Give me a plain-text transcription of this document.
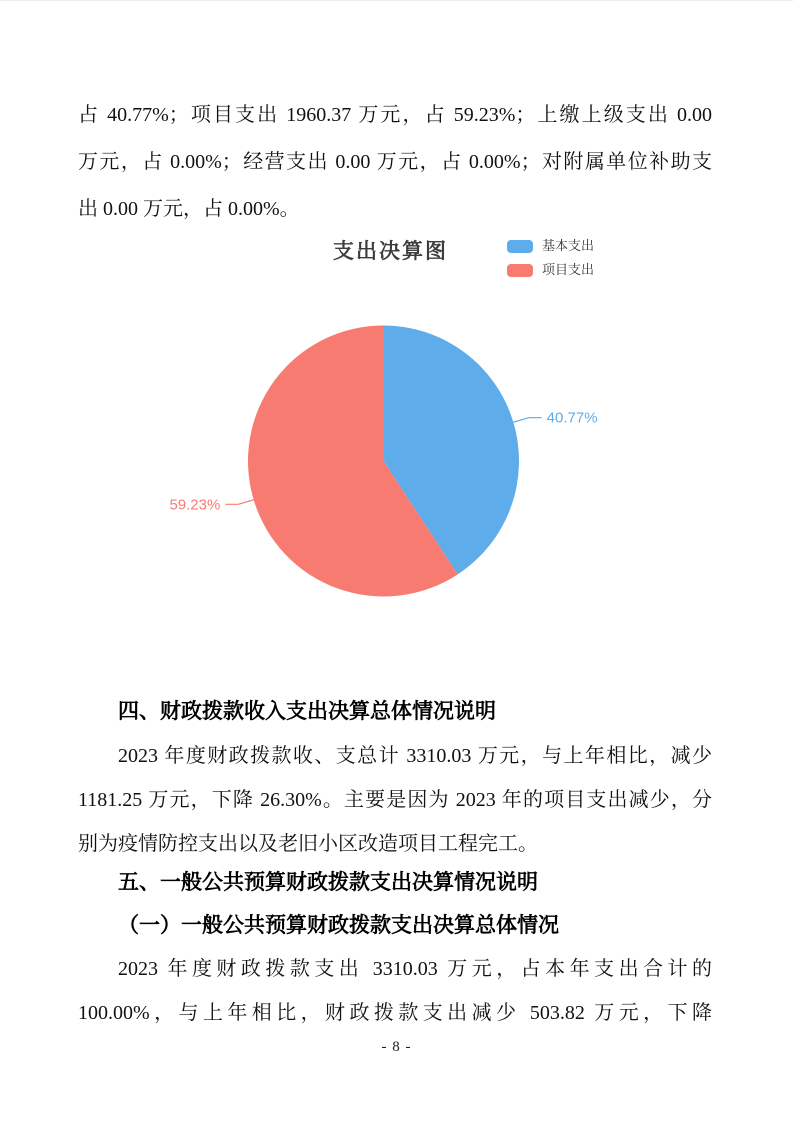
占 40.77%；项目支出 1960.37 万元，占 59.23%；上缴上级支出 0.00
万元，占 0.00%；经营支出 0.00 万元，占 0.00%；对附属单位补助支
出 0.00 万元，占 0.00%。
支出决算图	基本支出
项目支出
40.77%
59.23%
四、财政拨款收入支出决算总体情况说明
2023 年度财政拨款收、支总计 3310.03 万元，与上年相比，减少
1181.25 万元，下降 26.30%。主要是因为 2023 年的项目支出减少，分
别为疫情防控支出以及老旧小区改造项目工程完工。
五、一般公共预算财政拨款支出决算情况说明
（一）一般公共预算财政拨款支出决算总体情况
2023 年度财政拨款支出 3310.03 万元，占本年支出合计的
100.00%，与上年相比，财政拨款支出减少 503.82 万元，下降
- 8 -
